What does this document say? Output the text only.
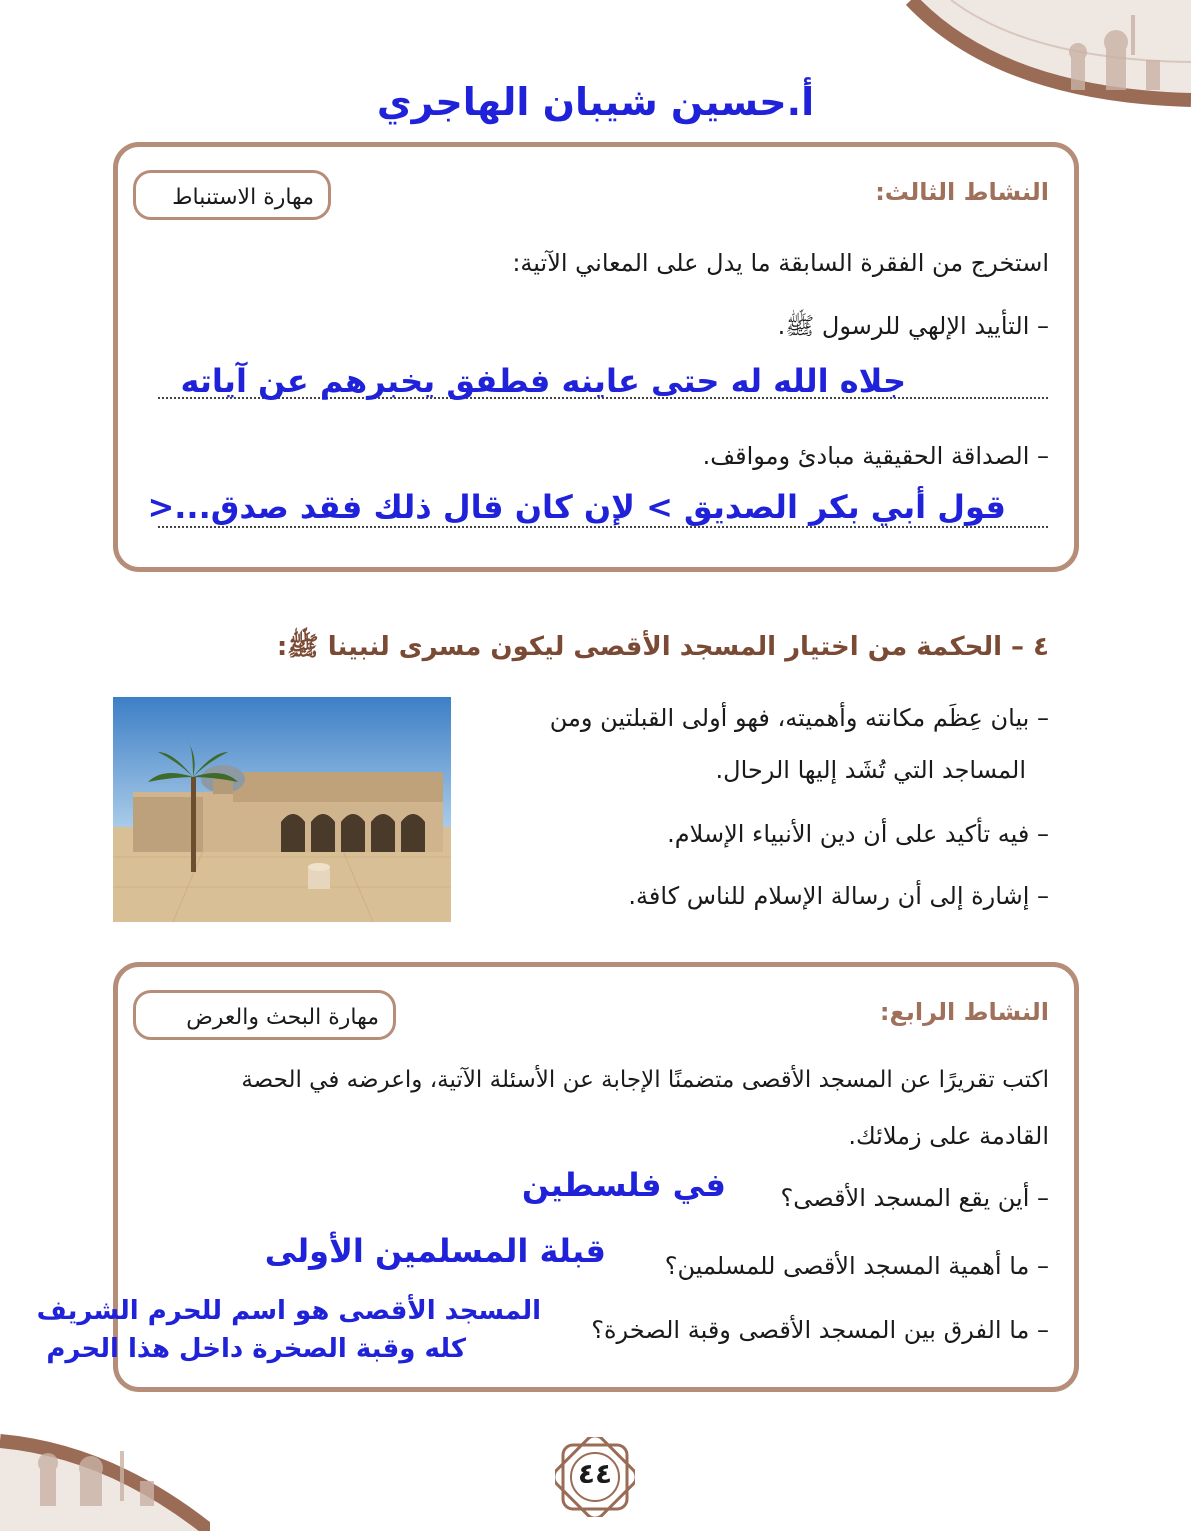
أ.حسين شيبان الهاجري
النشاط الثالث:
مهارة الاستنباط
استخرج من الفقرة السابقة ما يدل على المعاني الآتية:
– التأييد الإلهي للرسول ﷺ.
جلاه الله له حتى عاينه فطفق يخبرهم عن آياته
– الصداقة الحقيقية مبادئ ومواقف.
قول أبي بكر الصديق > لإن كان قال ذلك فقد صدق...<
٤ – الحكمة من اختيار المسجد الأقصى ليكون مسرى لنبينا ﷺ:
– بيان عِظَم مكانته وأهميته، فهو أولى القبلتين ومن
المساجد التي تُشَد إليها الرحال.
– فيه تأكيد على أن دين الأنبياء الإسلام.
– إشارة إلى أن رسالة الإسلام للناس كافة.
النشاط الرابع:
مهارة البحث والعرض
اكتب تقريرًا عن المسجد الأقصى متضمنًا الإجابة عن الأسئلة الآتية، واعرضه في الحصة
القادمة على زملائك.
– أين يقع المسجد الأقصى؟
في فلسطين
– ما أهمية المسجد الأقصى للمسلمين؟
قبلة المسلمين الأولى
– ما الفرق بين المسجد الأقصى وقبة الصخرة؟
المسجد الأقصى هو اسم للحرم الشريف
كله وقبة الصخرة داخل هذا الحرم
٤٤
